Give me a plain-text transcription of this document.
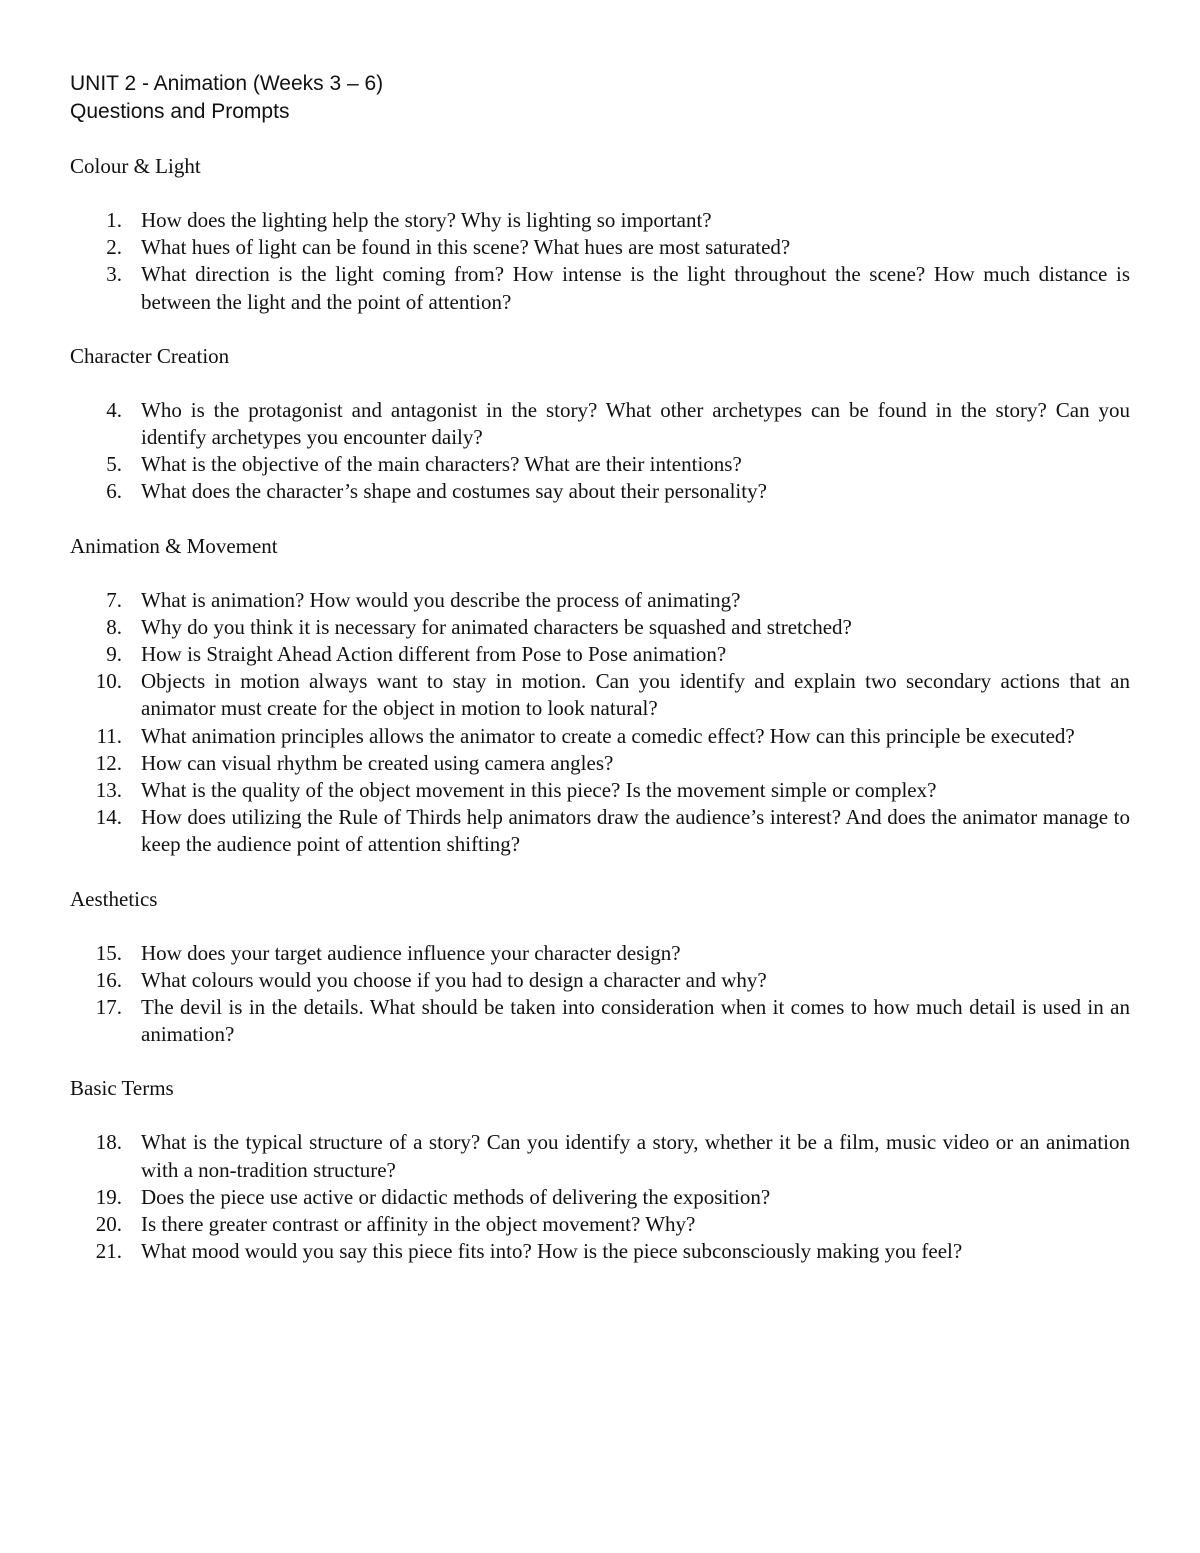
UNIT 2 - Animation (Weeks 3 – 6)

Questions and Prompts

Colour & Light

1. How does the lighting help the story? Why is lighting so important?
2. What hues of light can be found in this scene? What hues are most saturated?
3. What direction is the light coming from? How intense is the light throughout the scene? How much distance is between the light and the point of attention?

Character Creation

4. Who is the protagonist and antagonist in the story? What other archetypes can be found in the story? Can you identify archetypes you encounter daily?
5. What is the objective of the main characters? What are their intentions?
6. What does the character’s shape and costumes say about their personality?

Animation & Movement

7. What is animation? How would you describe the process of animating?
8. Why do you think it is necessary for animated characters be squashed and stretched?
9. How is Straight Ahead Action different from Pose to Pose animation?
10. Objects in motion always want to stay in motion. Can you identify and explain two secondary actions that an animator must create for the object in motion to look natural?
11. What animation principles allows the animator to create a comedic effect? How can this principle be executed?
12. How can visual rhythm be created using camera angles?
13. What is the quality of the object movement in this piece? Is the movement simple or complex?
14. How does utilizing the Rule of Thirds help animators draw the audience’s interest? And does the animator manage to keep the audience point of attention shifting?

Aesthetics

15. How does your target audience influence your character design?
16. What colours would you choose if you had to design a character and why?
17. The devil is in the details. What should be taken into consideration when it comes to how much detail is used in an animation?

Basic Terms

18. What is the typical structure of a story? Can you identify a story, whether it be a film, music video or an animation with a non-tradition structure?
19. Does the piece use active or didactic methods of delivering the exposition?
20. Is there greater contrast or affinity in the object movement? Why?
21. What mood would you say this piece fits into? How is the piece subconsciously making you feel?
